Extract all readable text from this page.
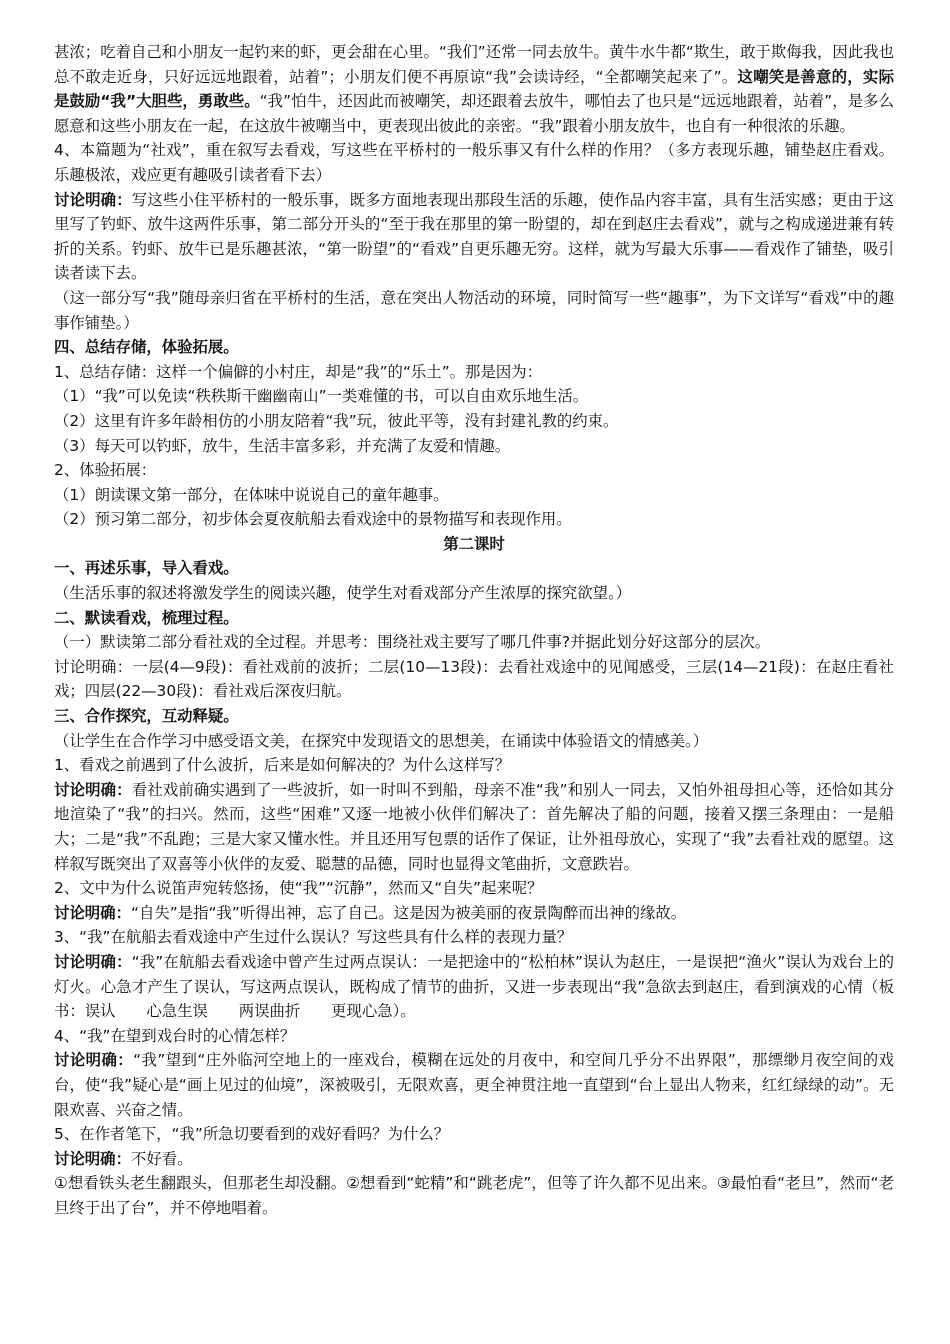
甚浓；吃着自己和小朋友一起钓来的虾，更会甜在心里。“我们”还常一同去放牛。黄牛水牛都“欺生，敢于欺侮我，因此我也总不敢走近身，只好远远地跟着，站着”；小朋友们便不再原谅“我”会读诗经，“全都嘲笑起来了”。这嘲笑是善意的，实际是鼓励“我”大胆些，勇敢些。“我”怕牛，还因此而被嘲笑，却还跟着去放牛，哪怕去了也只是“远远地跟着，站着”，是多么愿意和这些小朋友在一起，在这放牛被嘲当中，更表现出彼此的亲密。“我”跟着小朋友放牛，也自有一种很浓的乐趣。

4、本篇题为“社戏”，重在叙写去看戏，写这些在平桥村的一般乐事又有什么样的作用？（多方表现乐趣，铺垫赵庄看戏。乐趣极浓，戏应更有趣吸引读者看下去）

讨论明确：写这些小住平桥村的一般乐事，既多方面地表现出那段生活的乐趣，使作品内容丰富，具有生活实感；更由于这里写了钓虾、放牛这两件乐事，第二部分开头的“至于我在那里的第一盼望的，却在到赵庄去看戏”，就与之构成递进兼有转折的关系。钓虾、放牛已是乐趣甚浓，“第一盼望”的“看戏”自更乐趣无穷。这样，就为写最大乐事——看戏作了铺垫，吸引读者读下去。

（这一部分写“我”随母亲归省在平桥村的生活，意在突出人物活动的环境，同时简写一些“趣事”，为下文详写“看戏”中的趣事作铺垫。）

四、总结存储，体验拓展。

1、总结存储：这样一个偏僻的小村庄，却是“我”的“乐土”。那是因为：

（1）“我”可以免读“秩秩斯干幽幽南山”一类难懂的书，可以自由欢乐地生活。

（2）这里有许多年龄相仿的小朋友陪着“我”玩，彼此平等，没有封建礼教的约束。

（3）每天可以钓虾，放牛，生活丰富多彩，并充满了友爱和情趣。

2、体验拓展：

（1）朗读课文第一部分，在体味中说说自己的童年趣事。

（2）预习第二部分，初步体会夏夜航船去看戏途中的景物描写和表现作用。

第二课时

一、再述乐事，导入看戏。

（生活乐事的叙述将激发学生的阅读兴趣，使学生对看戏部分产生浓厚的探究欲望。）

二、默读看戏，梳理过程。

（一）默读第二部分看社戏的全过程。并思考：围绕社戏主要写了哪几件事?并据此划分好这部分的层次。

讨论明确：一层(4—9段)：看社戏前的波折；二层(10—13段)：去看社戏途中的见闻感受，三层(14—21段)：在赵庄看社戏；四层(22—30段)：看社戏后深夜归航。

三、合作探究，互动释疑。

（让学生在合作学习中感受语文美，在探究中发现语文的思想美，在诵读中体验语文的情感美。）

1、看戏之前遇到了什么波折，后来是如何解决的？为什么这样写？

讨论明确：看社戏前确实遇到了一些波折，如一时叫不到船，母亲不准“我”和别人一同去，又怕外祖母担心等，还恰如其分地渲染了“我”的扫兴。然而，这些“困难”又逐一地被小伙伴们解决了：首先解决了船的问题，接着又摆三条理由：一是船大；二是“我”不乱跑；三是大家又懂水性。并且还用写包票的话作了保证，让外祖母放心，实现了“我”去看社戏的愿望。这样叙写既突出了双喜等小伙伴的友爱、聪慧的品德，同时也显得文笔曲折，文意跌岩。

2、文中为什么说笛声宛转悠扬，使“我”“沉静”，然而又“自失”起来呢？

讨论明确：“自失”是指“我”听得出神，忘了自己。这是因为被美丽的夜景陶醉而出神的缘故。

3、“我”在航船去看戏途中产生过什么误认？写这些具有什么样的表现力量？

讨论明确：“我”在航船去看戏途中曾产生过两点误认：一是把途中的“松柏林”误认为赵庄，一是误把“渔火”误认为戏台上的灯火。心急才产生了误认，写这两点误认，既构成了情节的曲折，又进一步表现出“我”急欲去到赵庄，看到演戏的心情（板书：误认　　心急生误　　两误曲折　　更现心急）。

4、“我”在望到戏台时的心情怎样？

讨论明确：“我”望到“庄外临河空地上的一座戏台，模糊在远处的月夜中，和空间几乎分不出界限”，那缥缈月夜空间的戏台，使“我”疑心是“画上见过的仙境”，深被吸引，无限欢喜，更全神贯注地一直望到“台上显出人物来，红红绿绿的动”。无限欢喜、兴奋之情。

5、在作者笔下，“我”所急切要看到的戏好看吗？为什么？

讨论明确：不好看。

①想看铁头老生翻跟头，但那老生却没翻。②想看到“蛇精”和“跳老虎”，但等了许久都不见出来。③最怕看“老旦”，然而“老旦终于出了台”，并不停地唱着。
